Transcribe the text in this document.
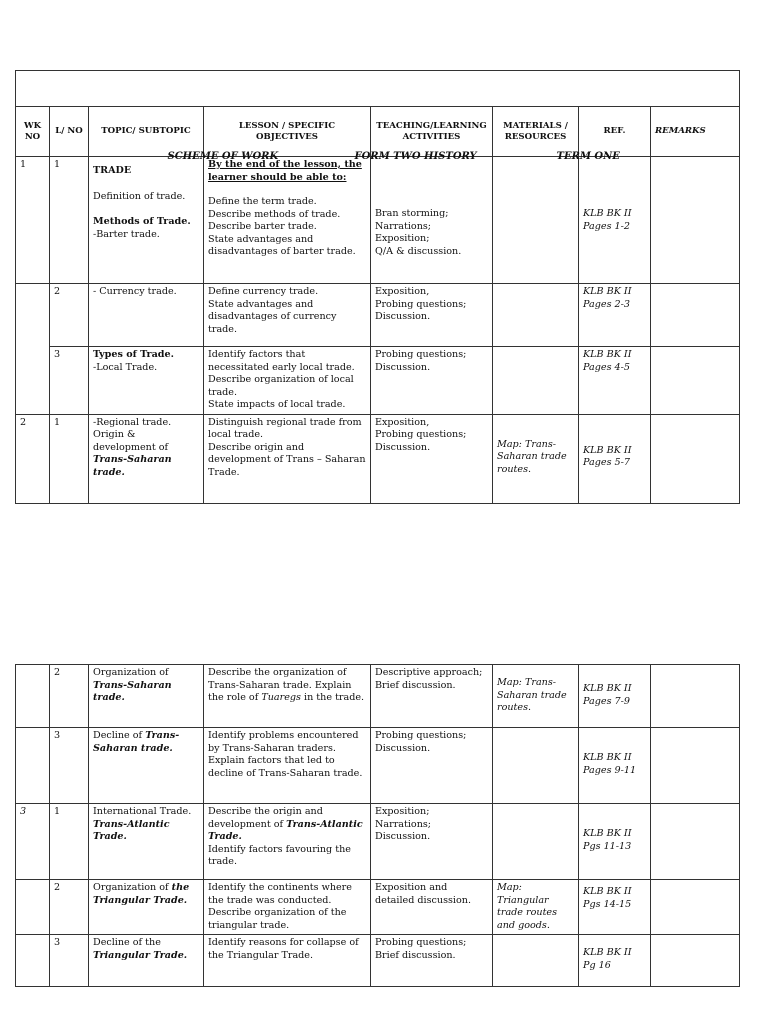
SCHEME OF WORK FORM TWO HISTORY TERM ONE							

WK NO	L/ NO	TOPIC/ SUBTOPIC	LESSON / SPECIFIC OBJECTIVES	TEACHING/LEARNING ACTIVITIES	MATERIALS / RESOURCES	REF.	REMARKS
1	1	TRADE
Definition of trade.
Methods of Trade.
-Barter trade.	By the end of the lesson, the learner should be able to:
Define the term trade.
Describe methods of trade.
Describe barter trade.
State advantages and disadvantages of barter trade.	Bran storming;
Narrations;
Exposition;
Q/A & discussion.		KLB BK II
Pages 1-2	

	2	- Currency trade.	Define currency trade.
State advantages and disadvantages of currency trade.	Exposition,
Probing questions;
Discussion.		KLB BK II
Pages 2-3	

	3	Types of Trade.
-Local Trade.	Identify factors that necessitated early local trade.
Describe organization of local trade.
State impacts of local trade.	Probing questions;
Discussion.		KLB BK II
Pages 4-5	

2	1	-Regional trade.
Origin & development of
Trans-Saharan trade.	Distinguish regional trade from local trade.
Describe origin and development of Trans – Saharan Trade.	Exposition,
Probing questions;
Discussion.	Map: Trans-Saharan trade routes.	KLB BK II
Pages 5-7	

	2	Organization of
Trans-Saharan trade.	Describe the organization of Trans-Saharan trade. Explain the role of Tuaregs in the trade.	Descriptive approach;
Brief discussion.	Map: Trans-Saharan trade routes.	KLB BK II
Pages 7-9	

	3	Decline of Trans-Saharan trade.	Identify problems encountered by Trans-Saharan traders.
Explain factors that led to decline of Trans-Saharan trade.	Probing questions;
Discussion.		KLB BK II
Pages 9-11	

3	1	International Trade.
Trans-Atlantic Trade.	Describe the origin and development of Trans-Atlantic Trade.
Identify factors favouring the trade.	Exposition;
Narrations;
Discussion.		KLB BK II
Pgs 11-13	

	2	Organization of the Triangular Trade.	Identify the continents where the trade was conducted.
Describe organization of the triangular trade.	Exposition and detailed discussion.	Map: Triangular trade routes and goods.	KLB BK II
Pgs 14-15	

	3	Decline of the
Triangular Trade.	Identify reasons for collapse of the Triangular Trade.	Probing questions;
Brief discussion.		KLB BK II
Pg 16	
